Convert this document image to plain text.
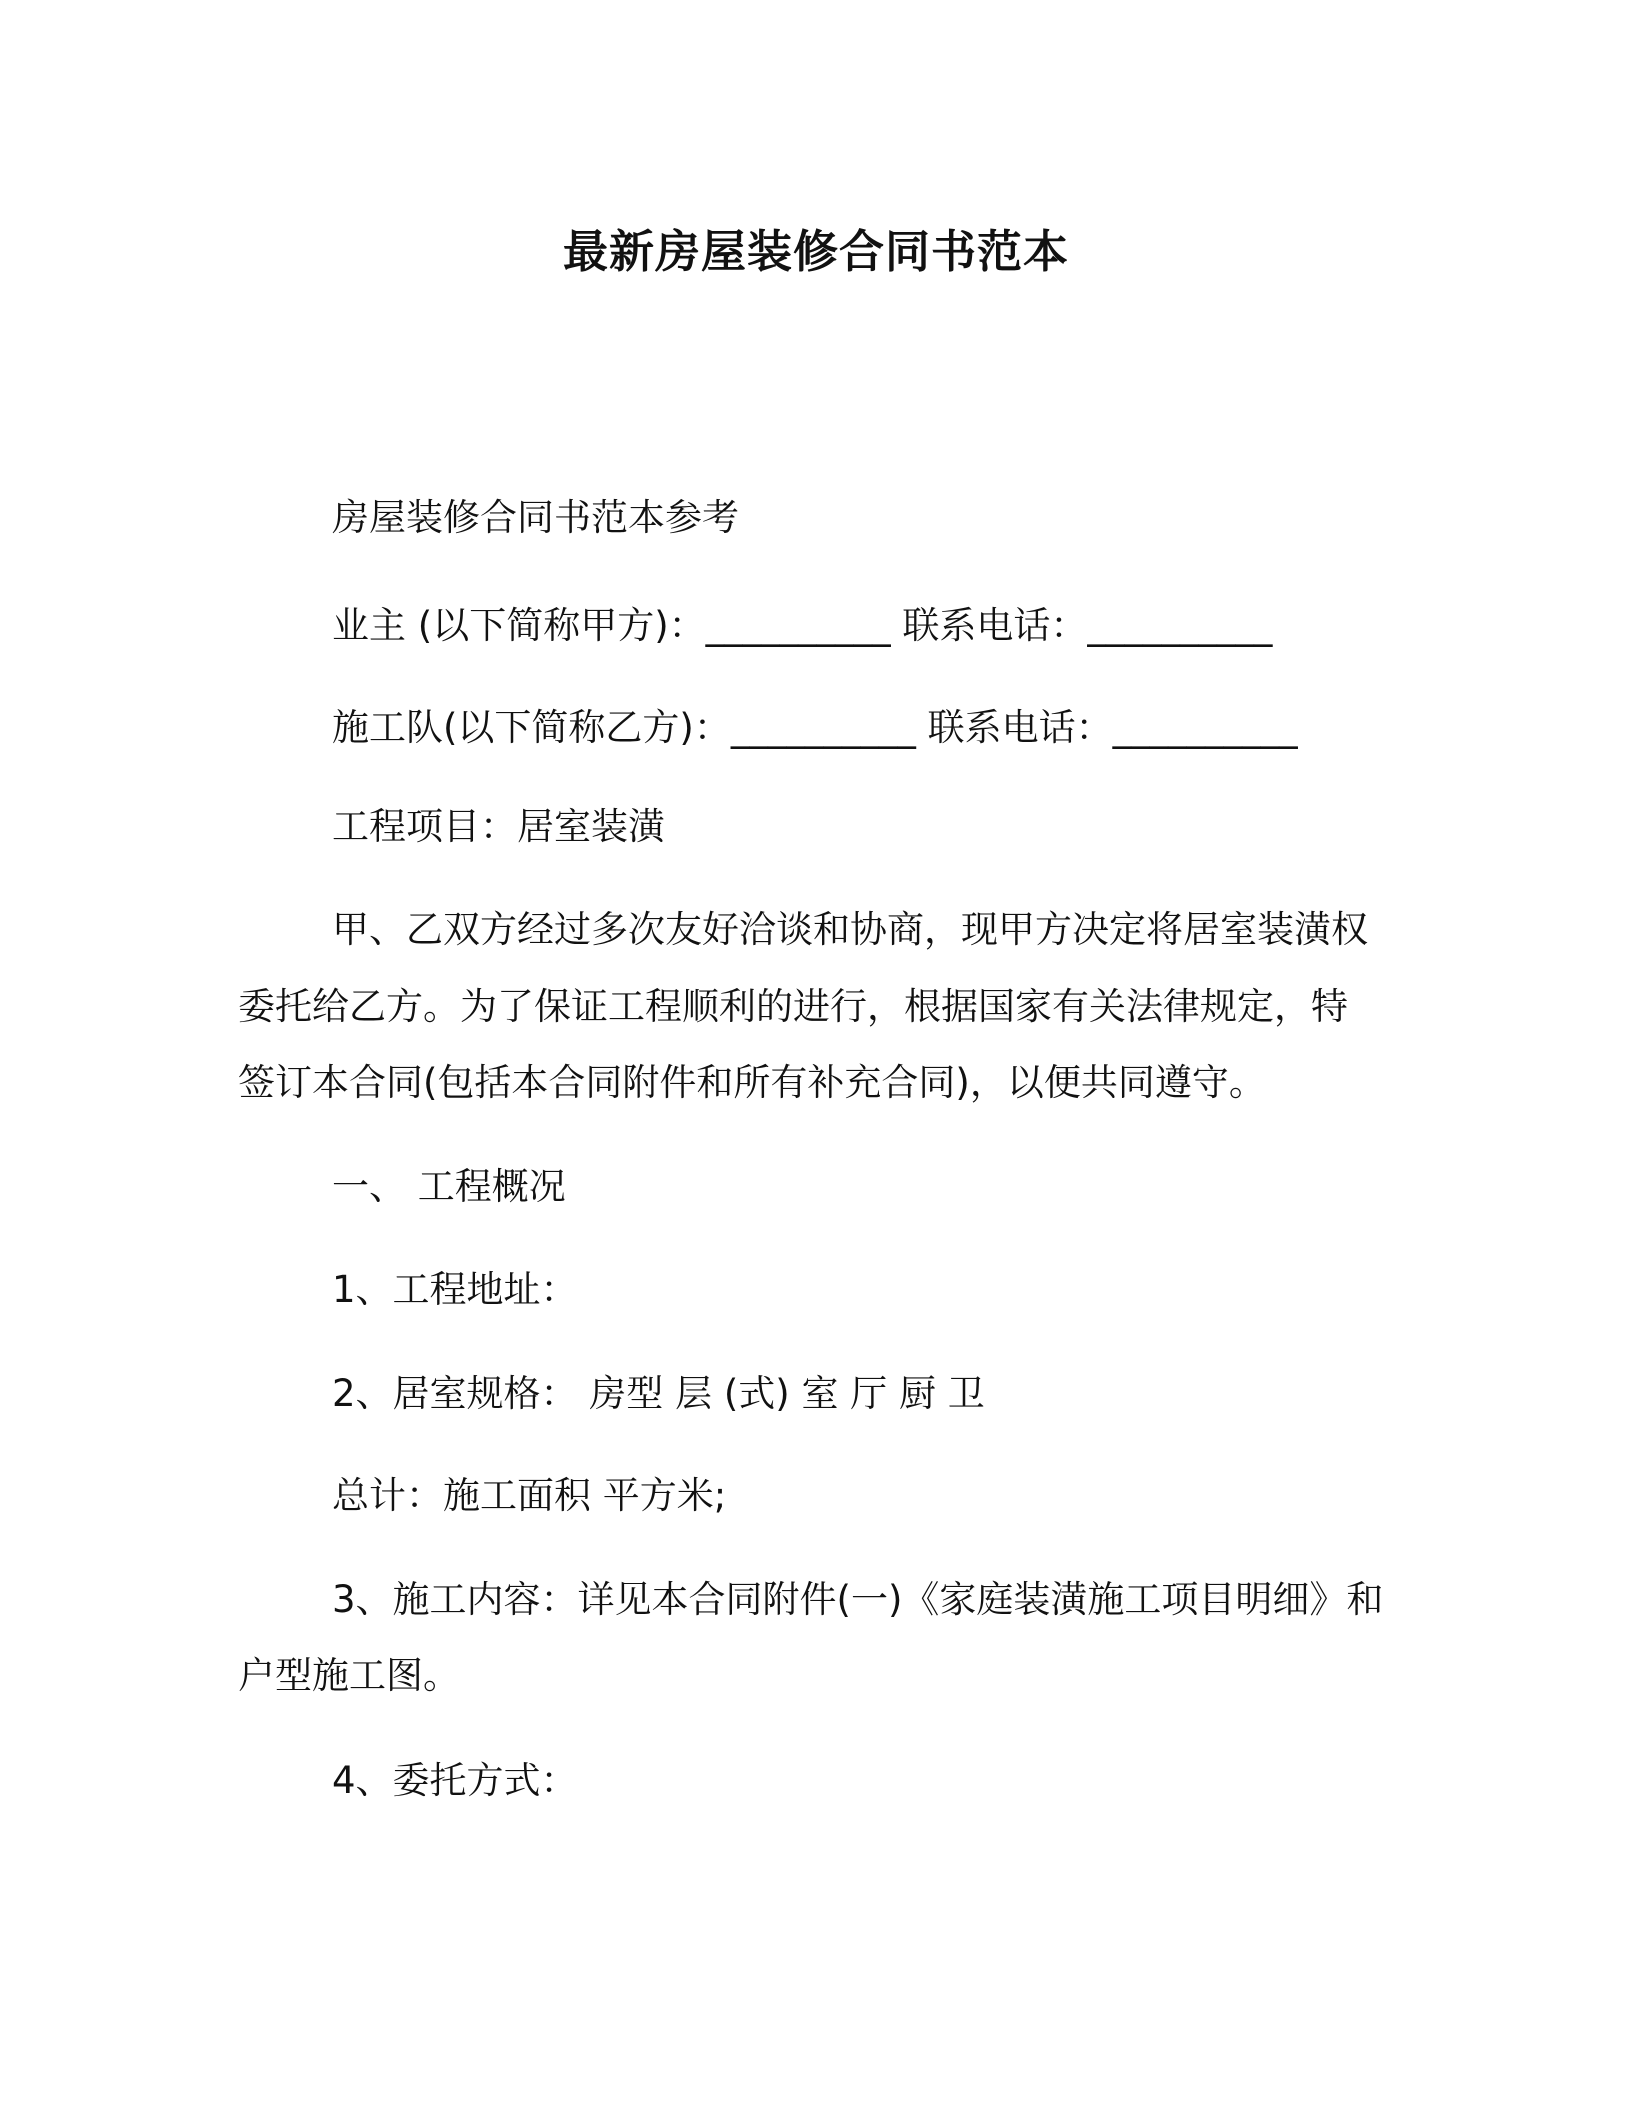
最新房屋装修合同书范本
房屋装修合同书范本参考
业主 (以下简称甲方)：__________ 联系电话：__________
施工队(以下简称乙方)：__________ 联系电话：__________
工程项目：居室装潢
甲、乙双方经过多次友好洽谈和协商，现甲方决定将居室装潢权
委托给乙方。为了保证工程顺利的进行，根据国家有关法律规定，特
签订本合同(包括本合同附件和所有补充合同)，以便共同遵守。
一、 工程概况
1、工程地址：
2、居室规格： 房型 层 (式) 室 厅 厨 卫
总计：施工面积 平方米;
3、施工内容：详见本合同附件(一)《家庭装潢施工项目明细》和
户型施工图。
4、委托方式：
